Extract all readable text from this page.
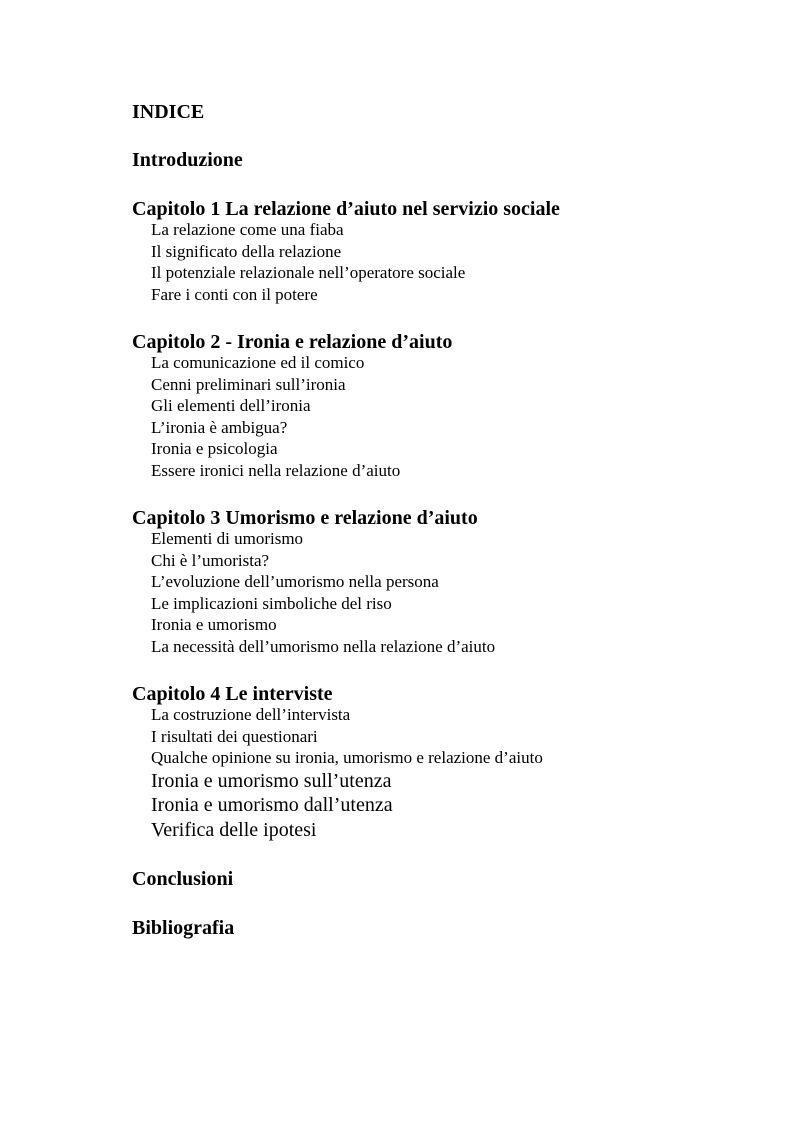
INDICE
Introduzione
Capitolo 1 La relazione d’aiuto nel servizio sociale
La relazione come una fiaba
Il significato della relazione
Il potenziale relazionale nell’operatore sociale
Fare i conti con il potere
Capitolo 2 - Ironia e relazione d’aiuto
La comunicazione ed il comico
Cenni preliminari sull’ironia
Gli elementi dell’ironia
L’ironia è ambigua?
Ironia e psicologia
Essere ironici nella relazione d’aiuto
Capitolo 3 Umorismo e relazione d’aiuto
Elementi di umorismo
Chi è l’umorista?
L’evoluzione dell’umorismo nella persona
Le implicazioni simboliche del riso
Ironia e umorismo
La necessità dell’umorismo nella relazione d’aiuto
Capitolo 4 Le interviste
La costruzione dell’intervista
I risultati dei questionari
Qualche opinione su ironia, umorismo e relazione d’aiuto
Ironia e umorismo sull’utenza
Ironia e umorismo dall’utenza
Verifica delle ipotesi
Conclusioni
Bibliografia
